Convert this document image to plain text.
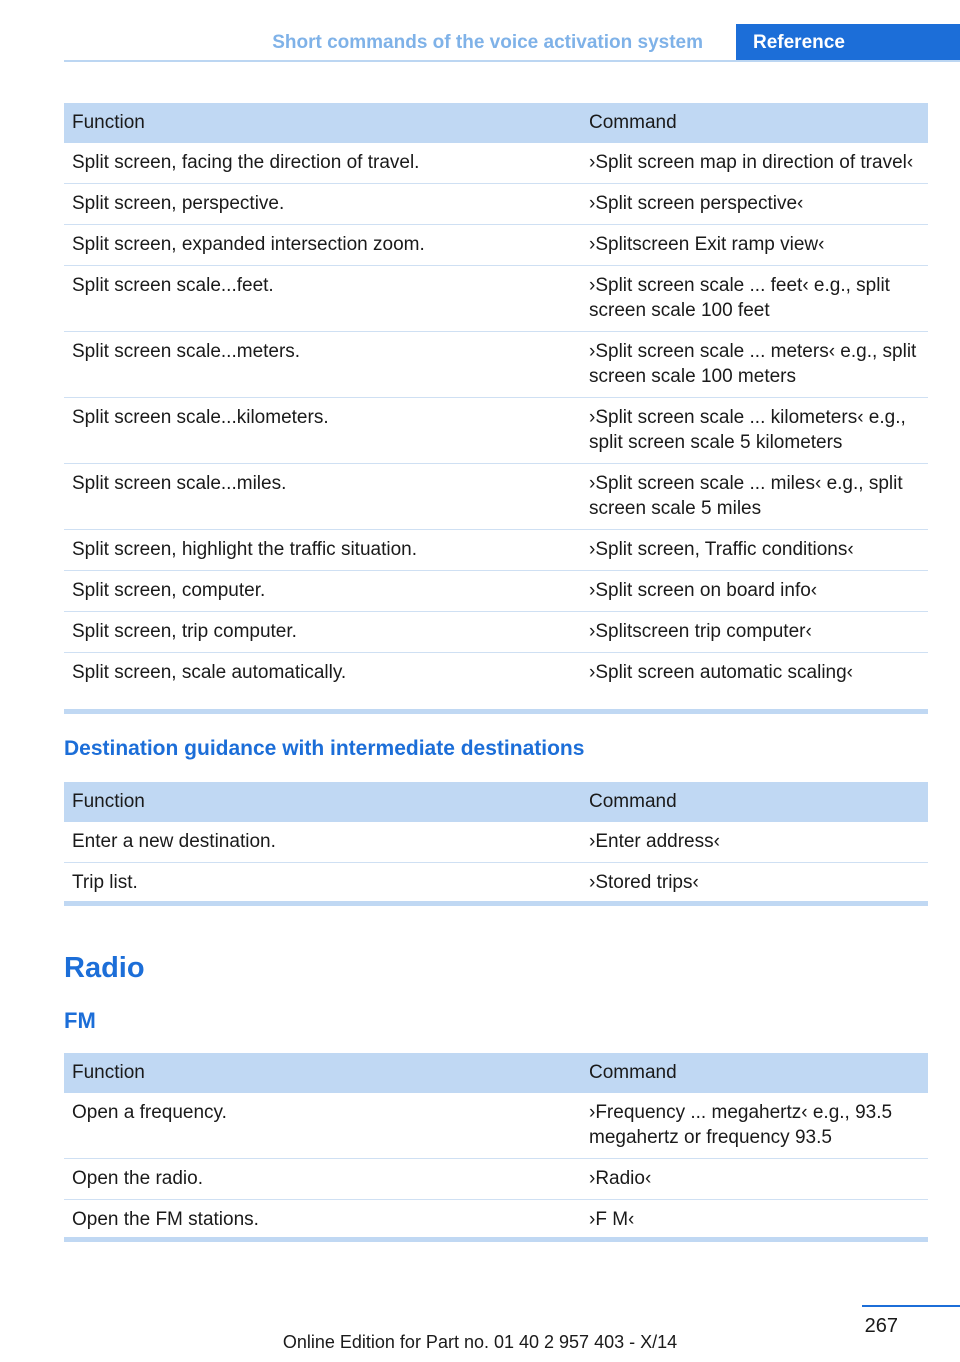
Short commands of the voice activation system	Reference
Function	Command
Split screen, facing the direction of travel.	›Split screen map in direction of travel‹
Split screen, perspective.	›Split screen perspective‹
Split screen, expanded intersection zoom.	›Splitscreen Exit ramp view‹
Split screen scale...feet.	›Split screen scale ... feet‹ e.g., split screen scale 100 feet
Split screen scale...meters.	›Split screen scale ... meters‹ e.g., split screen scale 100 meters
Split screen scale...kilometers.	›Split screen scale ... kilometers‹ e.g., split screen scale 5 kilometers
Split screen scale...miles.	›Split screen scale ... miles‹ e.g., split screen scale 5 miles
Split screen, highlight the traffic situation.	›Split screen, Traffic conditions‹
Split screen, computer.	›Split screen on board info‹
Split screen, trip computer.	›Splitscreen trip computer‹
Split screen, scale automatically.	›Split screen automatic scaling‹
Destination guidance with intermediate destinations
Function	Command
Enter a new destination.	›Enter address‹
Trip list.	›Stored trips‹
Radio
FM
Function	Command
Open a frequency.	›Frequency ... megahertz‹ e.g., 93.5 megahertz or frequency 93.5
Open the radio.	›Radio‹
Open the FM stations.	›F M‹
267
Online Edition for Part no. 01 40 2 957 403 - X/14
